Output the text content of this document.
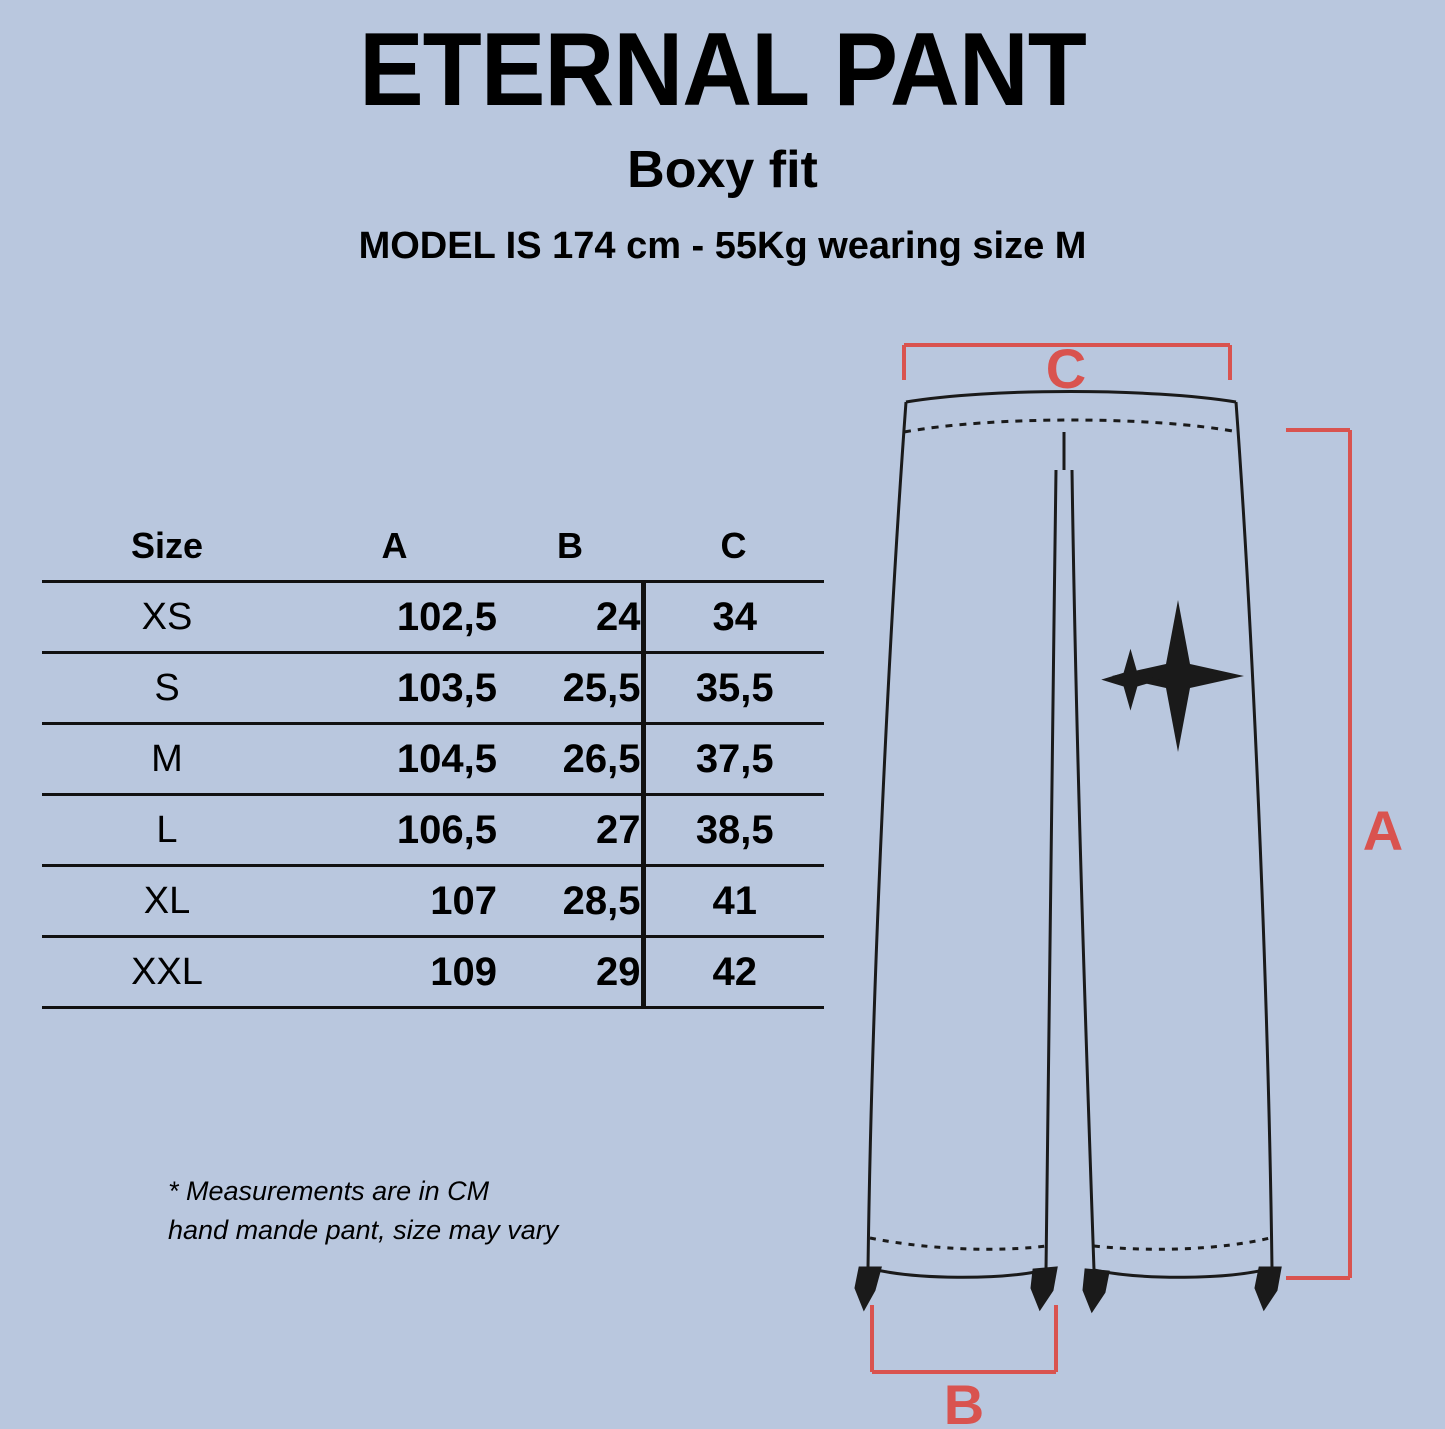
ETERNAL PANT
Boxy fit
MODEL IS 174 cm - 55Kg wearing size M
Size	A	B	C
XS	102,5	24	34
S	103,5	25,5	35,5
M	104,5	26,5	37,5
L	106,5	27	38,5
XL	107	28,5	41
XXL	109	29	42
* Measurements are in CM
hand mande pant, size may vary
C
A
B
